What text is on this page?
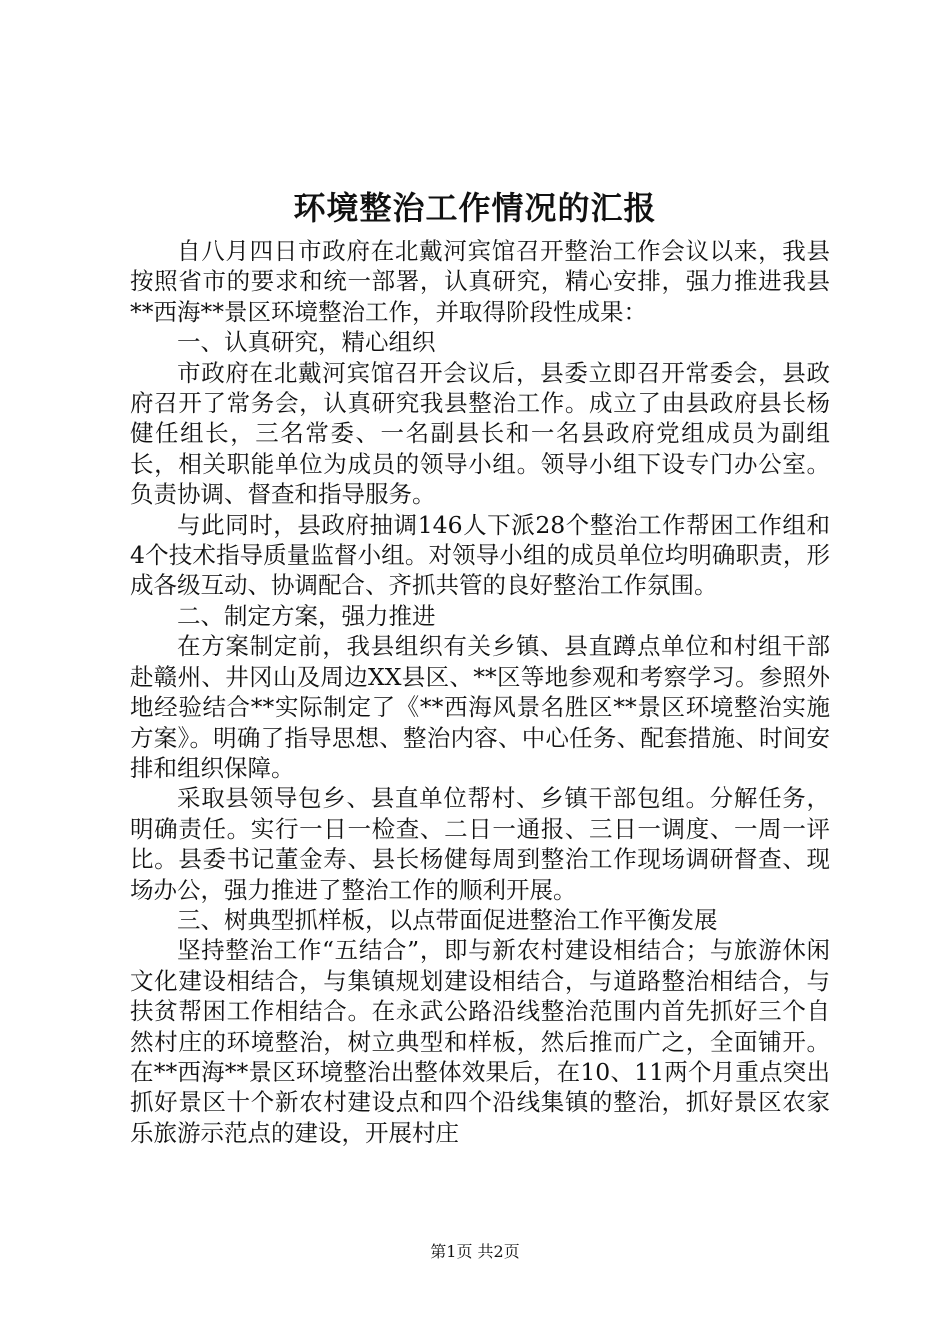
环境整治工作情况的汇报

自八月四日市政府在北戴河宾馆召开整治工作会议以来，我县按照省市的要求和统一部署，认真研究，精心安排，强力推进我县**西海**景区环境整治工作，并取得阶段性成果：

一、认真研究，精心组织

市政府在北戴河宾馆召开会议后，县委立即召开常委会，县政府召开了常务会，认真研究我县整治工作。成立了由县政府县长杨健任组长，三名常委、一名副县长和一名县政府党组成员为副组长，相关职能单位为成员的领导小组。领导小组下设专门办公室。负责协调、督查和指导服务。

与此同时，县政府抽调146人下派28个整治工作帮困工作组和4个技术指导质量监督小组。对领导小组的成员单位均明确职责，形成各级互动、协调配合、齐抓共管的良好整治工作氛围。

二、制定方案，强力推进

在方案制定前，我县组织有关乡镇、县直蹲点单位和村组干部赴赣州、井冈山及周边XX县区、**区等地参观和考察学习。参照外地经验结合**实际制定了《**西海风景名胜区**景区环境整治实施方案》。明确了指导思想、整治内容、中心任务、配套措施、时间安排和组织保障。

采取县领导包乡、县直单位帮村、乡镇干部包组。分解任务，明确责任。实行一日一检查、二日一通报、三日一调度、一周一评比。县委书记董金寿、县长杨健每周到整治工作现场调研督查、现场办公，强力推进了整治工作的顺利开展。

三、树典型抓样板，以点带面促进整治工作平衡发展

坚持整治工作“五结合”，即与新农村建设相结合；与旅游休闲文化建设相结合，与集镇规划建设相结合，与道路整治相结合，与扶贫帮困工作相结合。在永武公路沿线整治范围内首先抓好三个自然村庄的环境整治，树立典型和样板，然后推而广之，全面铺开。在**西海**景区环境整治出整体效果后，在10、11两个月重点突出抓好景区十个新农村建设点和四个沿线集镇的整治，抓好景区农家乐旅游示范点的建设，开展村庄

第1页 共2页
